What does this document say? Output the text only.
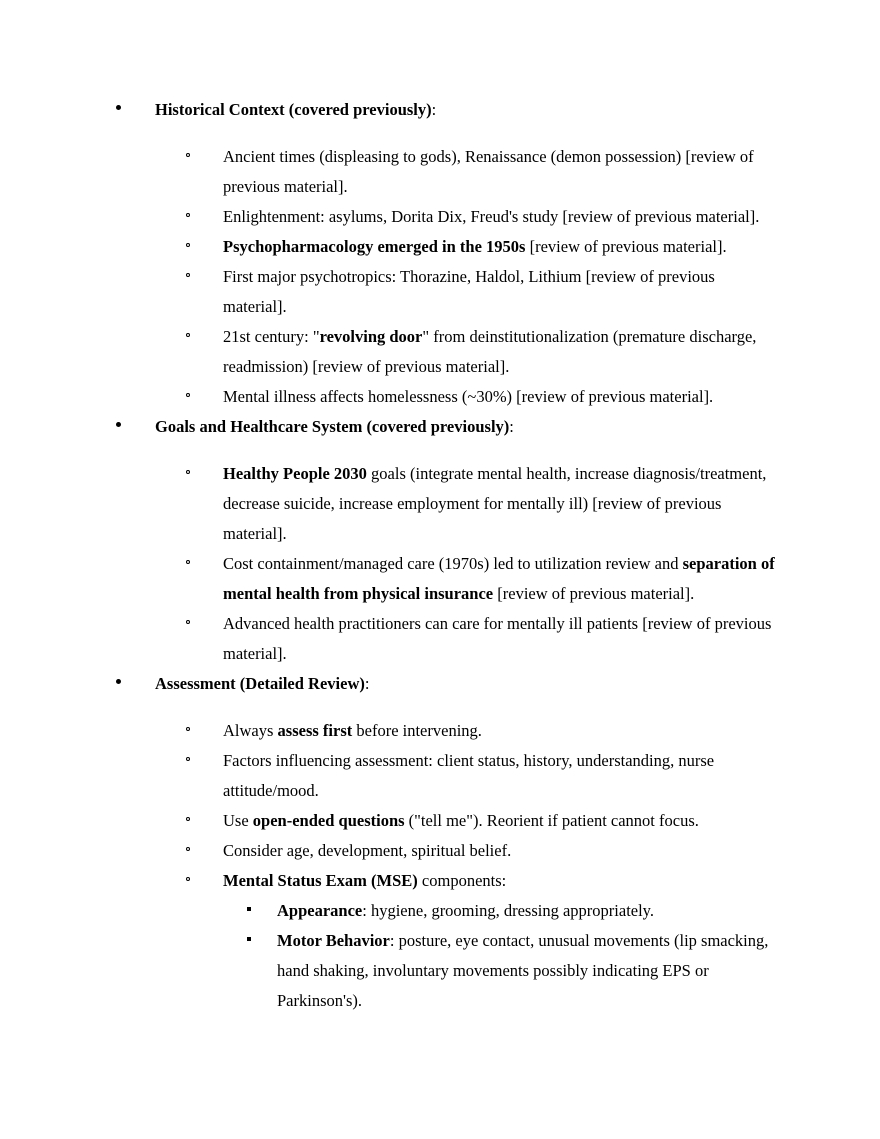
Historical Context (covered previously):
Ancient times (displeasing to gods), Renaissance (demon possession) [review of previous material].
Enlightenment: asylums, Dorita Dix, Freud's study [review of previous material].
Psychopharmacology emerged in the 1950s [review of previous material].
First major psychotropics: Thorazine, Haldol, Lithium [review of previous material].
21st century: "revolving door" from deinstitutionalization (premature discharge, readmission) [review of previous material].
Mental illness affects homelessness (~30%) [review of previous material].
Goals and Healthcare System (covered previously):
Healthy People 2030 goals (integrate mental health, increase diagnosis/treatment, decrease suicide, increase employment for mentally ill) [review of previous material].
Cost containment/managed care (1970s) led to utilization review and separation of mental health from physical insurance [review of previous material].
Advanced health practitioners can care for mentally ill patients [review of previous material].
Assessment (Detailed Review):
Always assess first before intervening.
Factors influencing assessment: client status, history, understanding, nurse attitude/mood.
Use open-ended questions ("tell me"). Reorient if patient cannot focus.
Consider age, development, spiritual belief.
Mental Status Exam (MSE) components:
Appearance: hygiene, grooming, dressing appropriately.
Motor Behavior: posture, eye contact, unusual movements (lip smacking, hand shaking, involuntary movements possibly indicating EPS or Parkinson's).
